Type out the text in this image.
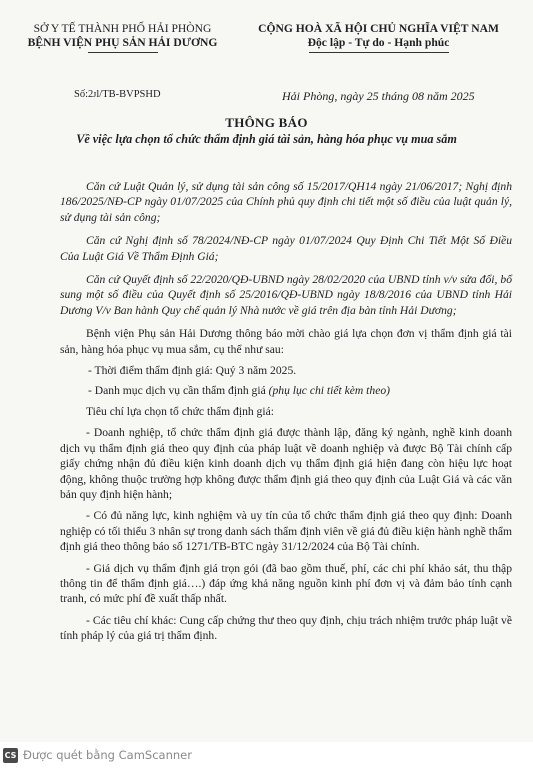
SỞ Y TẾ THÀNH PHỐ HẢI PHÒNG
BỆNH VIỆN PHỤ SẢN HẢI DƯƠNG
CỘNG HOÀ XÃ HỘI CHỦ NGHĨA VIỆT NAM
Độc lập - Tự do - Hạnh phúc
Số:2ᴊl/TB-BVPSHD	Hải Phòng, ngày 25 tháng 08 năm 2025
THÔNG BÁO
Về việc lựa chọn tổ chức thẩm định giá tài sản, hàng hóa phục vụ mua sắm

Căn cứ Luật Quản lý, sử dụng tài sản công số 15/2017/QH14 ngày 21/06/2017; Nghị định 186/2025/NĐ-CP ngày 01/07/2025 của Chính phủ quy định chi tiết một số điều của luật quản lý, sử dụng tài sản công;

Căn cứ Nghị định số 78/2024/NĐ-CP ngày 01/07/2024 Quy Định Chi Tiết Một Số Điều Của Luật Giá Về Thẩm Định Giá;

Căn cứ Quyết định số 22/2020/QĐ-UBND ngày 28/02/2020 của UBND tỉnh v/v sửa đổi, bổ sung một số điều của Quyết định số 25/2016/QĐ-UBND ngày 18/8/2016 của UBND tỉnh Hải Dương V/v Ban hành Quy chế quản lý Nhà nước về giá trên địa bàn tỉnh Hải Dương;

Bệnh viện Phụ sản Hải Dương thông báo mời chào giá lựa chọn đơn vị thẩm định giá tài sản, hàng hóa phục vụ mua sắm, cụ thể như sau:

- Thời điểm thẩm định giá: Quý 3 năm 2025.

- Danh mục dịch vụ cần thẩm định giá (phụ lục chi tiết kèm theo)

Tiêu chí lựa chọn tổ chức thẩm định giá:

- Doanh nghiệp, tổ chức thẩm định giá được thành lập, đăng ký ngành, nghề kinh doanh dịch vụ thẩm định giá theo quy định của pháp luật về doanh nghiệp và được Bộ Tài chính cấp giấy chứng nhận đủ điều kiện kinh doanh dịch vụ thẩm định giá hiện đang còn hiệu lực hoạt động, không thuộc trường hợp không được thẩm định giá theo quy định của Luật Giá và các văn bản quy định hiện hành;

- Có đủ năng lực, kinh nghiệm và uy tín của tổ chức thẩm định giá theo quy định: Doanh nghiệp có tối thiểu 3 nhân sự trong danh sách thẩm định viên về giá đủ điều kiện hành nghề thẩm định giá theo thông báo số 1271/TB-BTC ngày 31/12/2024 của Bộ Tài chính.

- Giá dịch vụ thẩm định giá trọn gói (đã bao gồm thuế, phí, các chi phí khảo sát, thu thập thông tin để thẩm định giá….) đáp ứng khả năng nguồn kinh phí đơn vị và đảm bảo tính cạnh tranh, có mức phí đề xuất thấp nhất.

- Các tiêu chí khác: Cung cấp chứng thư theo quy định, chịu trách nhiệm trước pháp luật về tính pháp lý của giá trị thẩm định.

CS Được quét bằng CamScanner
